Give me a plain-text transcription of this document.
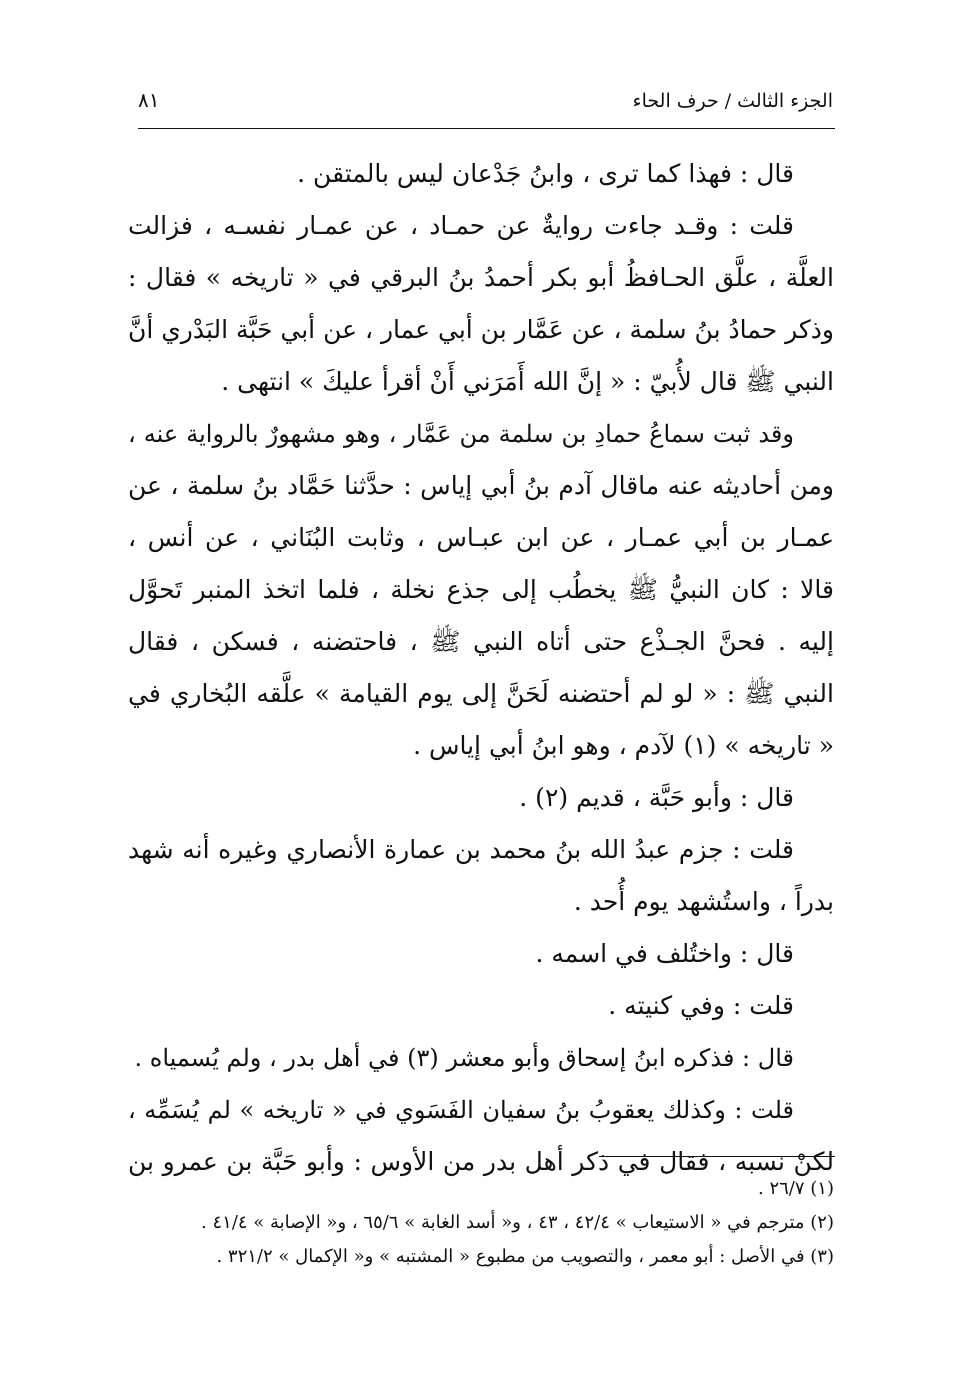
الجزء الثالث / حرف الحاء
٨١
قال : فهذا كما ترى ، وابنُ جَدْعان ليس بالمتقن .
قلت : وقـد جاءت روايةٌ عن حمـاد ، عن عمـار نفسـه ، فزالت
العلَّة ، علَّق الحـافظُ أبو بكر أحمدُ بنُ البرقي في « تاريخه » فقال :
وذكر حمادُ بنُ سلمة ، عن عَمَّار بن أبي عمار ، عن أبي حَبَّة البَدْري أنَّ
النبي ﷺ قال لأُبيّ : « إنَّ الله أَمَرَني أَنْ أقرأ عليكَ » انتهى .
وقد ثبت سماعُ حمادِ بن سلمة من عَمَّار ، وهو مشهورٌ بالرواية عنه ،
ومن أحاديثه عنه ماقال آدم بنُ أبي إياس : حدَّثنا حَمَّاد بنُ سلمة ، عن
عمـار بن أبي عمـار ، عن ابن عبـاس ، وثابت البُنَاني ، عن أنس ،
قالا : كان النبيُّ ﷺ يخطُب إلى جذع نخلة ، فلما اتخذ المنبر تَحوَّل
إليه . فحنَّ الجـذْع حتى أتاه النبي ﷺ ، فاحتضنه ، فسكن ، فقال
النبي ﷺ : « لو لم أحتضنه لَحَنَّ إلى يوم القيامة » علَّقه البُخاري في
« تاريخه » (١) لآدم ، وهو ابنُ أبي إياس .
قال : وأبو حَبَّة ، قديم (٢) .
قلت : جزم عبدُ الله بنُ محمد بن عمارة الأنصاري وغيره أنه شهد
بدراً ، واستُشهد يوم أُحد .
قال : واختُلف في اسمه .
قلت : وفي كنيته .
قال : فذكره ابنُ إسحاق وأبو معشر (٣) في أهل بدر ، ولم يُسمياه .
قلت : وكذلك يعقوبُ بنُ سفيان الفَسَوي في « تاريخه » لم يُسَمِّه ،
لكنْ نسبه ، فقال في ذكر أهل بدر من الأوس : وأبو حَبَّة بن عمرو بن
(١) ٢٦/٧ .
(٢) مترجم في « الاستيعاب » ٤٢/٤ ، ٤٣ ، و« أسد الغابة » ٦٥/٦ ، و« الإصابة » ٤١/٤ .
(٣) في الأصل : أبو معمر ، والتصويب من مطبوع « المشتبه » و« الإكمال » ٣٢١/٢ .
